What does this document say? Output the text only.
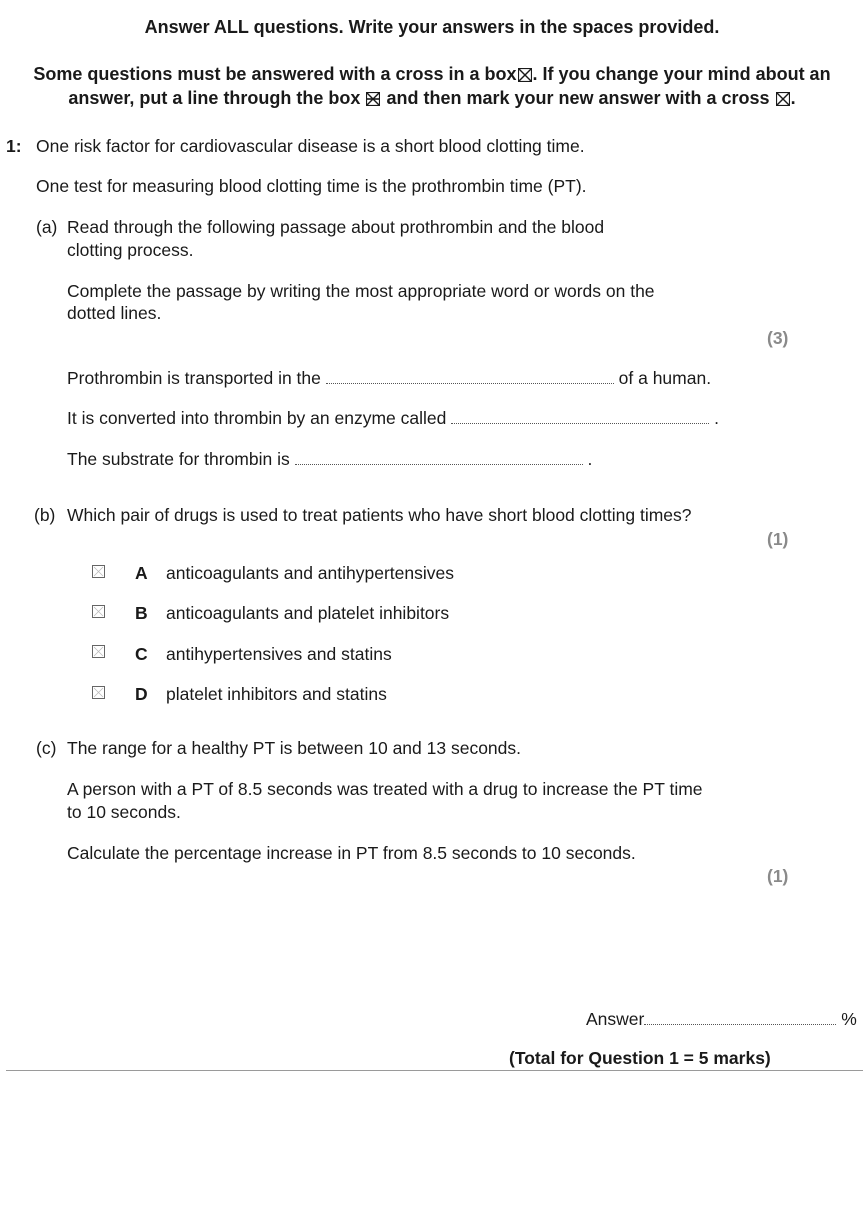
Answer ALL questions. Write your answers in the spaces provided.
Some questions must be answered with a cross in a box☒. If you change your mind about an
answer, put a line through the box and then mark your new answer with a cross ☒.
1: One risk factor for cardiovascular disease is a short blood clotting time.
One test for measuring blood clotting time is the prothrombin time (PT).
(a) Read through the following passage about prothrombin and the blood
clotting process.
Complete the passage by writing the most appropriate word or words on the
dotted lines.
(3)
Prothrombin is transported in the	of a human.
It is converted into thrombin by an enzyme called	.
The substrate for thrombin is	.
(b) Which pair of drugs is used to treat patients who have short blood clotting times?
(1)
A anticoagulants and antihypertensives
B anticoagulants and platelet inhibitors
C antihypertensives and statins
D platelet inhibitors and statins
(c) The range for a healthy PT is between 10 and 13 seconds.
A person with a PT of 8.5 seconds was treated with a drug to increase the PT time
to 10 seconds.
Calculate the percentage increase in PT from 8.5 seconds to 10 seconds.
(1)
Answer	%
(Total for Question 1 = 5 marks)
